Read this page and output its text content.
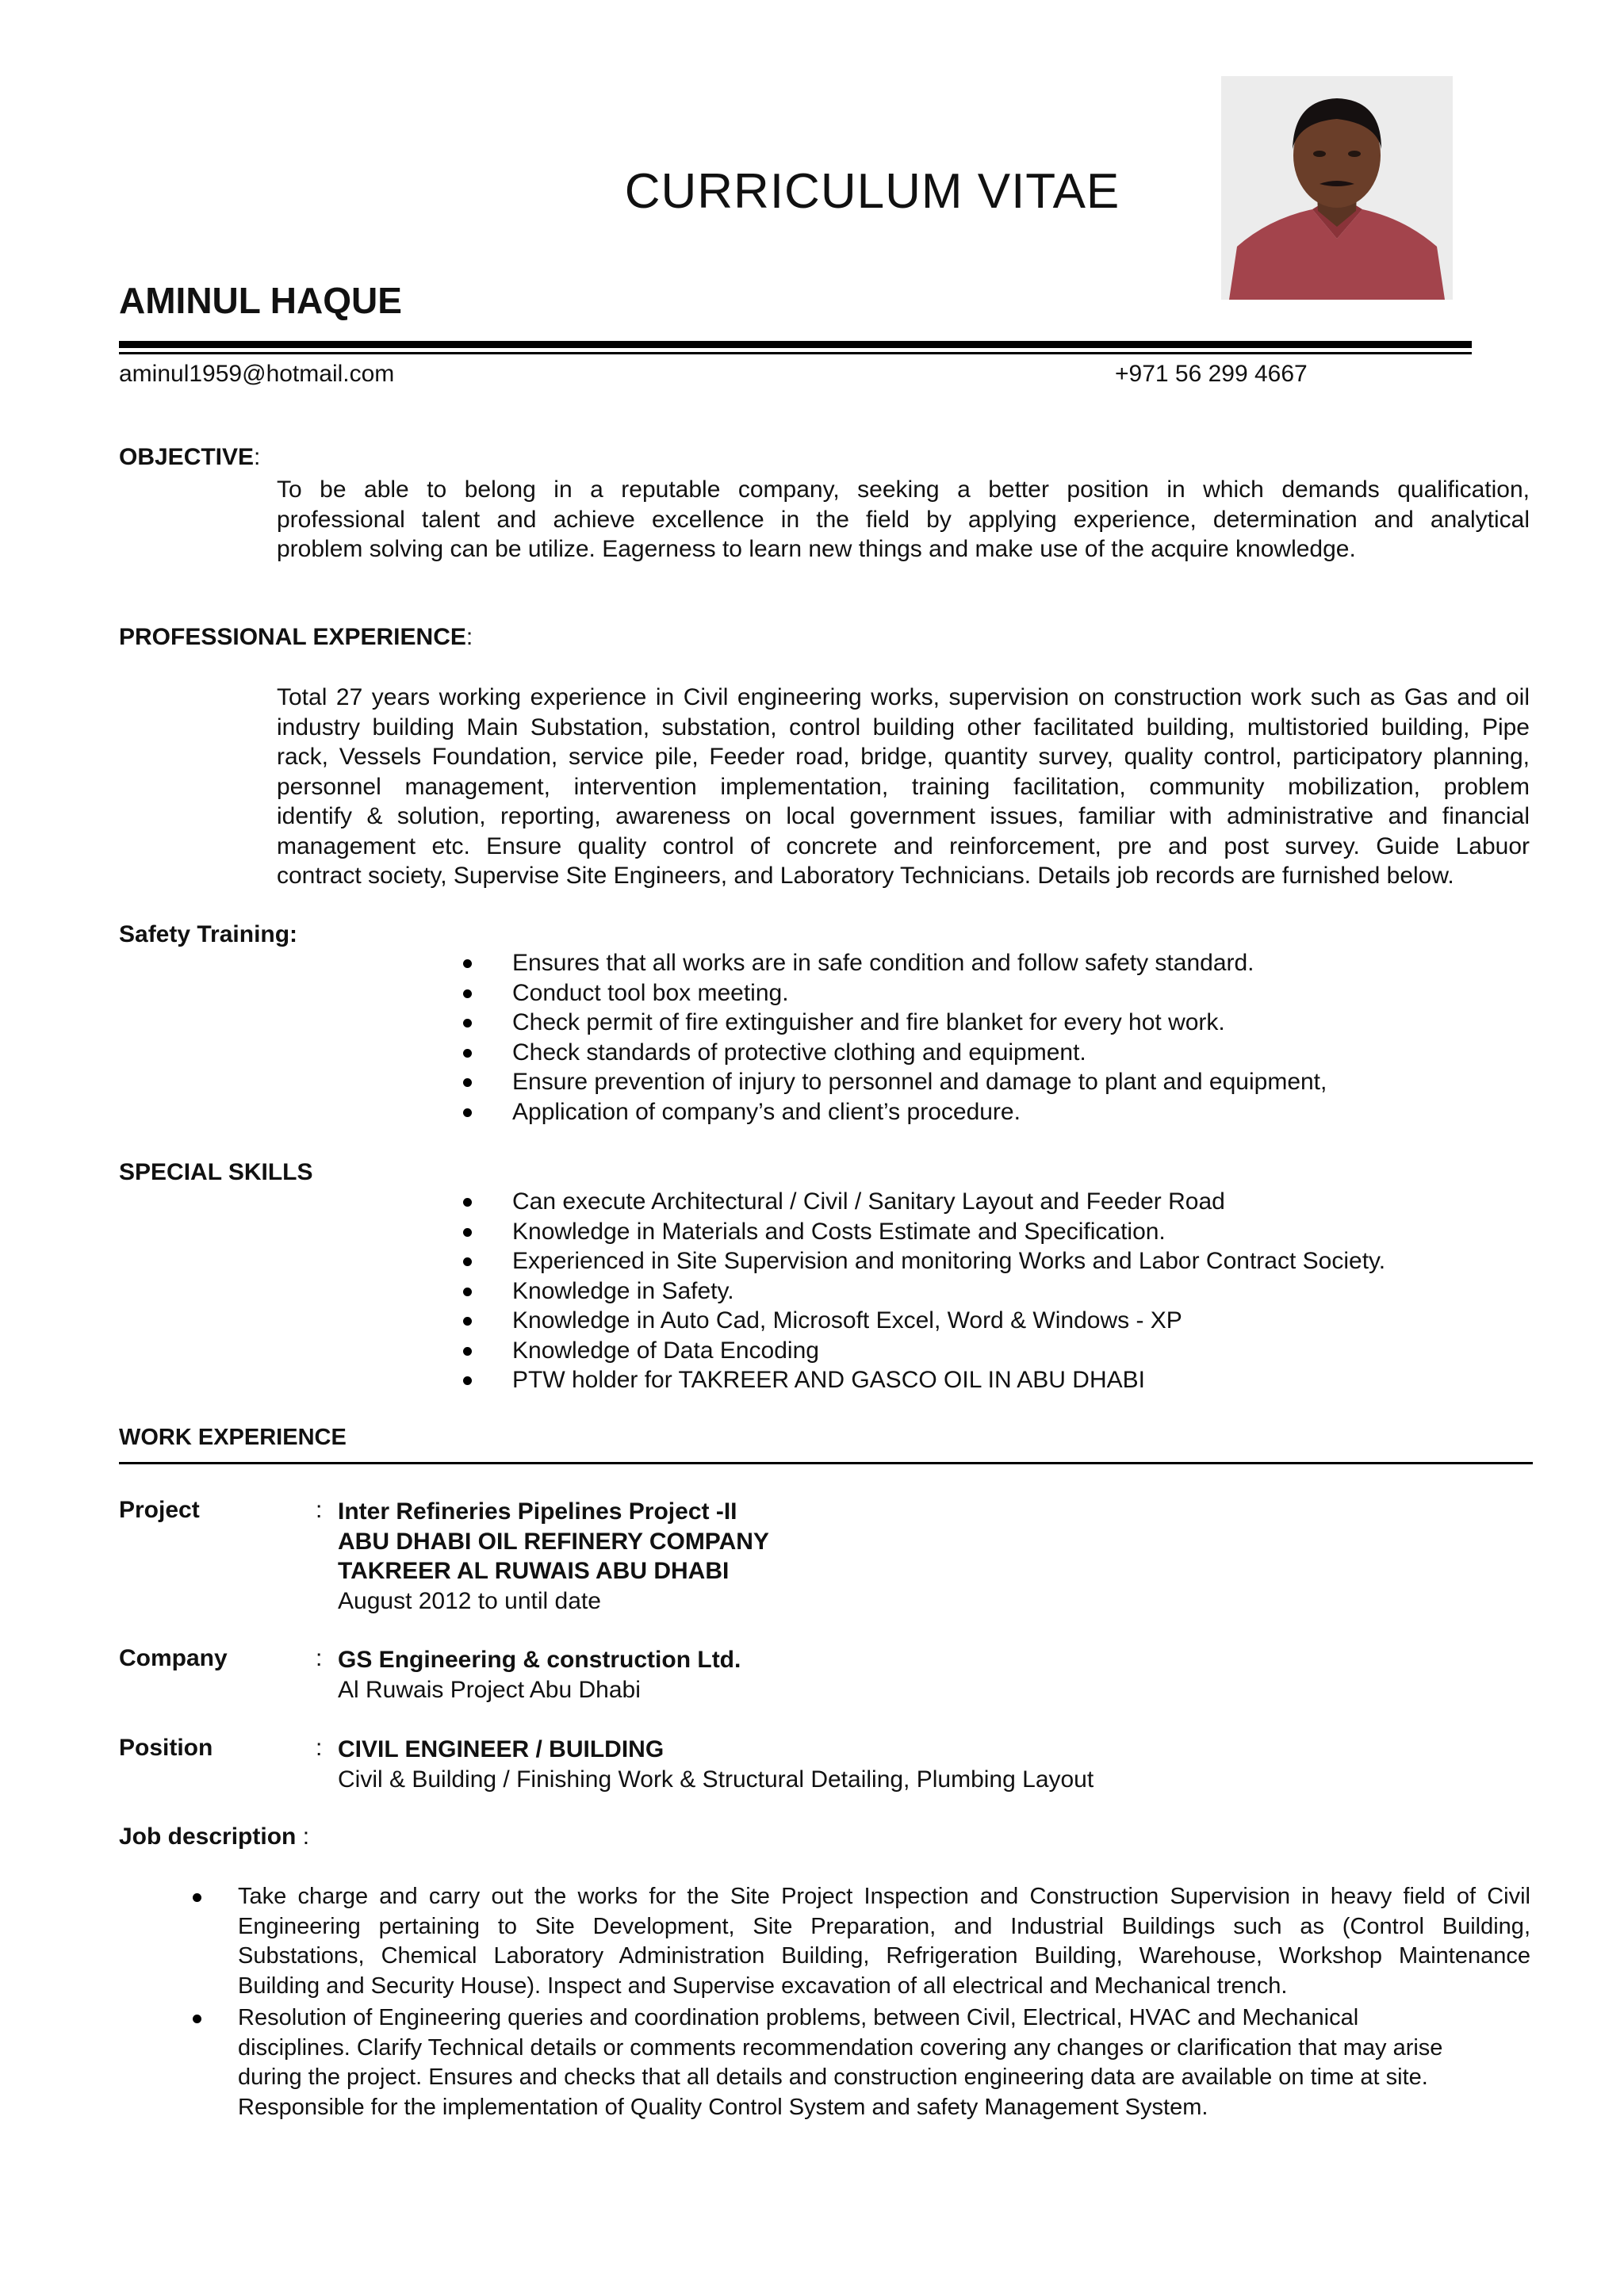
CURRICULUM VITAE
AMINUL HAQUE
aminul1959@hotmail.com	+971 56 299 4667
OBJECTIVE:
To be able to belong in a reputable company, seeking a better position in which demands qualification,
professional talent and achieve excellence in the field by applying experience, determination and analytical
problem solving can be utilize. Eagerness to learn new things and make use of the acquire knowledge.
PROFESSIONAL EXPERIENCE:
Total 27 years working experience in Civil engineering works, supervision on construction work such as Gas and oil
industry building Main Substation, substation, control building other facilitated building, multistoried building, Pipe
rack, Vessels Foundation, service pile, Feeder road, bridge, quantity survey, quality control, participatory planning,
personnel management, intervention implementation, training facilitation, community mobilization, problem
identify & solution, reporting, awareness on local government issues, familiar with administrative and financial
management etc. Ensure quality control of concrete and reinforcement, pre and post survey. Guide Labuor
contract society, Supervise Site Engineers, and Laboratory Technicians. Details job records are furnished below.
Safety Training:
Ensures that all works are in safe condition and follow safety standard.
Conduct tool box meeting.
Check permit of fire extinguisher and fire blanket for every hot work.
Check standards of protective clothing and equipment.
Ensure prevention of injury to personnel and damage to plant and equipment,
Application of company’s and client’s procedure.
SPECIAL SKILLS
Can execute Architectural / Civil / Sanitary Layout and Feeder Road
Knowledge in Materials and Costs Estimate and Specification.
Experienced in Site Supervision and monitoring Works and Labor Contract Society.
Knowledge in Safety.
Knowledge in Auto Cad, Microsoft Excel, Word & Windows - XP
Knowledge of Data Encoding
PTW holder for TAKREER AND GASCO OIL IN ABU DHABI
WORK EXPERIENCE
Project	: Inter Refineries Pipelines Project -II
ABU DHABI OIL REFINERY COMPANY
TAKREER AL RUWAIS ABU DHABI
August 2012 to until date
Company	: GS Engineering & construction Ltd.
Al Ruwais Project Abu Dhabi
Position	: CIVIL ENGINEER / BUILDING
Civil & Building / Finishing Work & Structural Detailing, Plumbing Layout
Job description :
Take charge and carry out the works for the Site Project Inspection and Construction Supervision in heavy field of Civil
Engineering pertaining to Site Development, Site Preparation, and Industrial Buildings such as (Control Building,
Substations, Chemical Laboratory Administration Building, Refrigeration Building, Warehouse, Workshop Maintenance
Building and Security House). Inspect and Supervise excavation of all electrical and Mechanical trench.
Resolution of Engineering queries and coordination problems, between Civil, Electrical, HVAC and Mechanical
disciplines. Clarify Technical details or comments recommendation covering any changes or clarification that may arise
during the project. Ensures and checks that all details and construction engineering data are available on time at site.
Responsible for the implementation of Quality Control System and safety Management System.
